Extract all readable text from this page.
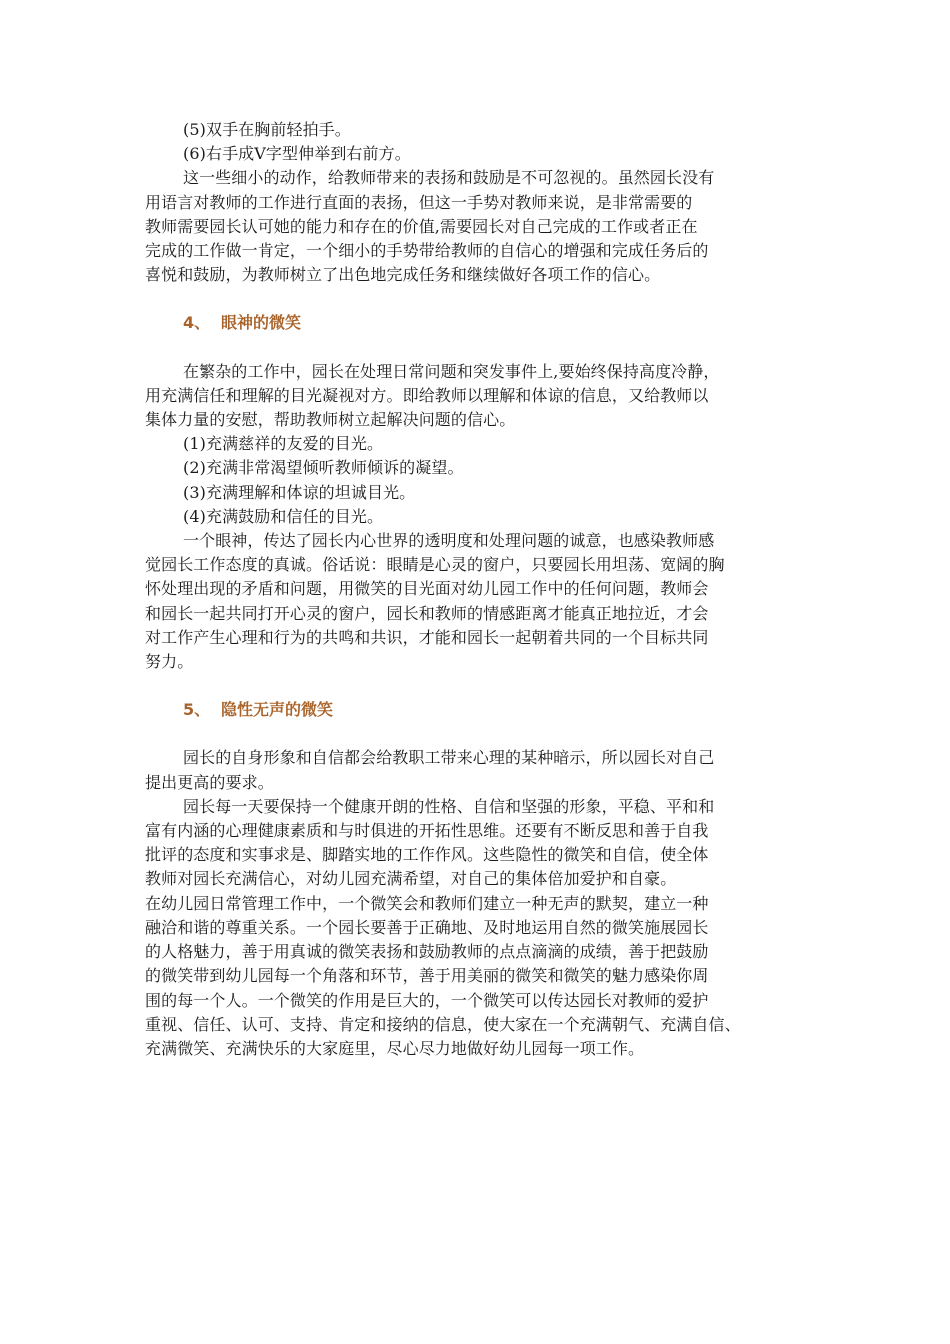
(5)双手在胸前轻拍手。

(6)右手成V字型伸举到右前方。

这一些细小的动作，给教师带来的表扬和鼓励是不可忽视的。虽然园长没有

用语言对教师的工作进行直面的表扬，但这一手势对教师来说，是非常需要的

教师需要园长认可她的能力和存在的价值,需要园长对自己完成的工作或者正在

完成的工作做一肯定，一个细小的手势带给教师的自信心的增强和完成任务后的

喜悦和鼓励，为教师树立了出色地完成任务和继续做好各项工作的信心。

4、 眼神的微笑

在繁杂的工作中，园长在处理日常问题和突发事件上,要始终保持高度冷静，

用充满信任和理解的目光凝视对方。即给教师以理解和体谅的信息，又给教师以

集体力量的安慰，帮助教师树立起解决问题的信心。

(1)充满慈祥的友爱的目光。

(2)充满非常渴望倾听教师倾诉的凝望。

(3)充满理解和体谅的坦诚目光。

(4)充满鼓励和信任的目光。

一个眼神，传达了园长内心世界的透明度和处理问题的诚意，也感染教师感

觉园长工作态度的真诚。俗话说：眼睛是心灵的窗户，只要园长用坦荡、宽阔的胸

怀处理出现的矛盾和问题，用微笑的目光面对幼儿园工作中的任何问题，教师会

和园长一起共同打开心灵的窗户，园长和教师的情感距离才能真正地拉近，才会

对工作产生心理和行为的共鸣和共识，才能和园长一起朝着共同的一个目标共同

努力。

5、 隐性无声的微笑

园长的自身形象和自信都会给教职工带来心理的某种暗示，所以园长对自己

提出更高的要求。

园长每一天要保持一个健康开朗的性格、自信和坚强的形象，平稳、平和和

富有内涵的心理健康素质和与时俱进的开拓性思维。还要有不断反思和善于自我

批评的态度和实事求是、脚踏实地的工作作风。这些隐性的微笑和自信，使全体

教师对园长充满信心，对幼儿园充满希望，对自己的集体倍加爱护和自豪。

在幼儿园日常管理工作中，一个微笑会和教师们建立一种无声的默契，建立一种

融洽和谐的尊重关系。一个园长要善于正确地、及时地运用自然的微笑施展园长

的人格魅力，善于用真诚的微笑表扬和鼓励教师的点点滴滴的成绩，善于把鼓励

的微笑带到幼儿园每一个角落和环节，善于用美丽的微笑和微笑的魅力感染你周

围的每一个人。一个微笑的作用是巨大的，一个微笑可以传达园长对教师的爱护

重视、信任、认可、支持、肯定和接纳的信息，使大家在一个充满朝气、充满自信、

充满微笑、充满快乐的大家庭里，尽心尽力地做好幼儿园每一项工作。
